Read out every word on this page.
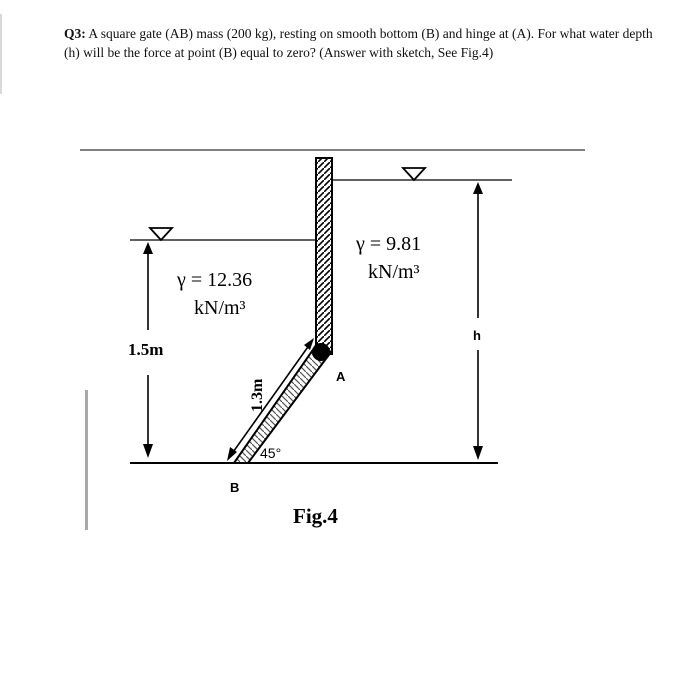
Q3: A square gate (AB) mass (200 kg), resting on smooth bottom (B) and hinge at (A). For what water depth (h) will be the force at point (B) equal to zero? (Answer with sketch, See Fig.4)
1.5m
h
1.3m
45°
A
B
γ = 12.36
kN/m³
γ = 9.81
kN/m³
Fig.4
